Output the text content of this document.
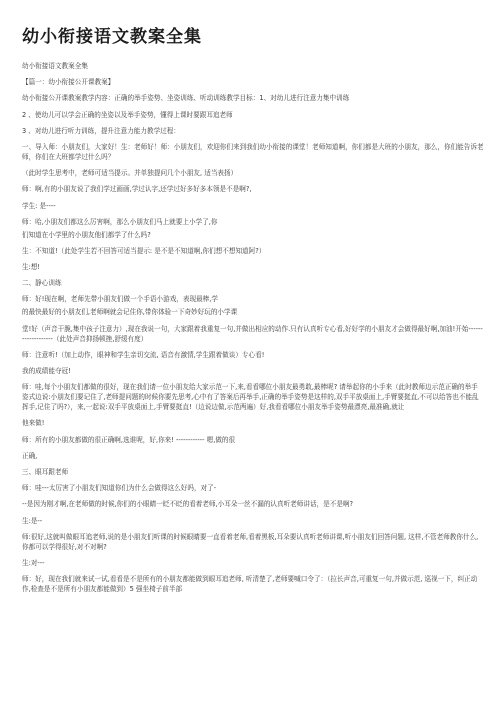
幼小衔接语文教案全集

幼小衔接语文教案全集

【篇一：幼小衔接公开课教案】

幼小衔接公开课教案教学内容：正确的举手姿势、坐姿训练、听动训练教学目标：1、对幼儿进行注意力集中训练

2 、使幼儿可以学会正确的坐姿以及举手姿势，懂得上课时要跟耳追老师

3 、对幼儿进行听力训练，提升注意力能力教学过程：

一、导入师：小朋友们，大家好！生：老师好！师：小朋友们，欢迎你们来到我们幼小衔接的课堂！老师知道啊，你们都是大班的小朋友，那么，你们能告诉老师，你们在大班都学过什么吗？

（此时学生思考中，老师可适当提示。并单独提问几个小朋友, 适当表扬）

师：啊,有的小朋友说了我们学过画画,学过认字,还学过好多好多本领是不是啊?,

学生: 是----

师：哈,小朋友们都这么厉害啊，那么小朋友们马上就要上小学了,你

们知道在小学里的小朋友他们都学了什么吗?

生：不知道!（此处学生若不回答可适当提示: 是不是不知道啊,你们想不想知道阿?）

生:想!

二、静心训练

师：好!现在啊，老师先带小朋友们做一个手语小游戏，表现最棒,学

的最快最好的小朋友们,老师啊就会记住你,带你体验一下奇妙好玩的小学课

堂!好（声音干脆,集中孩子注意力）,现在我说一句，大家跟着我重复一句,并做出相应的动作.只有认真听专心看,好好学的小朋友才会做得最好啊,加油!开始-------------------（此处声音抑扬顿挫,舒缓有度）

师：注意听!（加上动作，眼神和学生亲切交流, 语音有激情,学生跟着做谈）专心看!

我的成绩能夺冠!

师：哇,每个小朋友们都做的很好，现在我们请一位小朋友给大家示范一下,来,看看哪位小朋友最勇敢,最棒呢? 请举起你的小手来（此时教师边示范正确的举手姿式边说:小朋友们要记住了,老师提问题的时候你要先思考,心中有了答案后再举手,正确的举手姿势是这样的,双手平放桌面上,手臂要挺直,不可以给答也不能乱挥手,记住了吗?），来,一起说:双手平放桌面上,手臂要挺直!（边说边做,示范两遍）好,我看看哪位小朋友举手姿势最漂亮,最准确,就让

他来做!

师：所有的小朋友都做的很正确啊,选谁呢，好,你来! ------------ 嗯,做的很

正确,

三、眼耳跟老师

师：哇---太厉害了小朋友们知道你们为什么会做得这么好吗，对了-

--是因为刚才啊,在老师做的时候,你们的小眼睛一眨不眨的看着老师,小耳朵一丝不漏的认真听老师讲话，是不是啊?

生:是--

师:很好,这就叫做眼耳追老师,说的是小朋友们听课的时候眼睛要一直看着老师,看着黑板,耳朵要认真听老师讲课,听小朋友们回答问题, 这样,不管老师教你什么,你都可以学得很好,对不对啊?

生:对---

师：好，现在我们就来试一试,看看是不是所有的小朋友都能做到眼耳追老师, 听清楚了,老师要喊口令了：（拉长声音,可重复一句,并做示范, 巡视一下，纠正动作,检查是不是所有小朋友都能做到）5 强坐椅子前半部
